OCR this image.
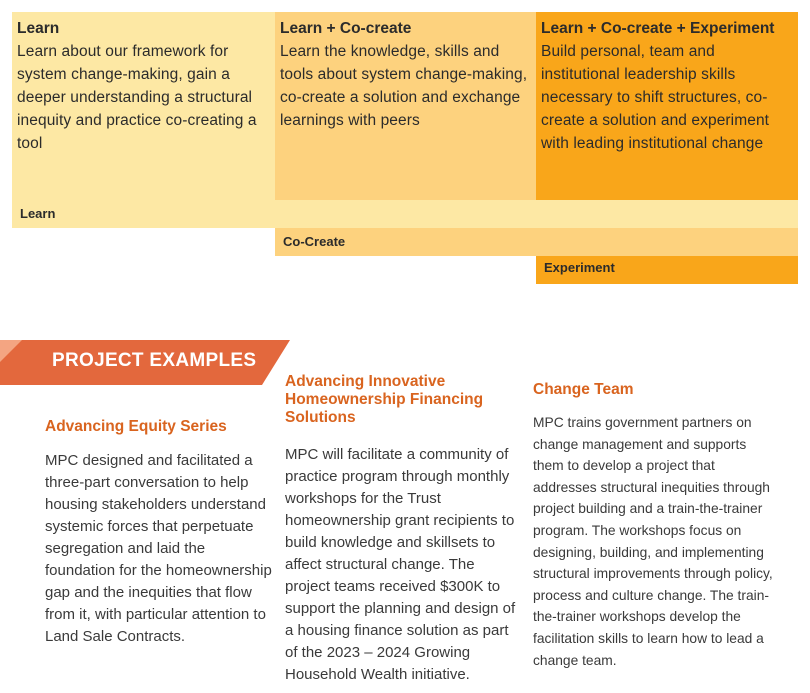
Learn
Learn about our framework for system change-making, gain a deeper understanding a structural inequity and practice co-creating a tool
Learn + Co-create
Learn the knowledge, skills and tools about system change-making, co-create a solution and exchange learnings with peers
Learn + Co-create + Experiment
Build personal, team and institutional leadership skills necessary to shift structures, co-create a solution and experiment with leading institutional change
Learn
Co-Create
Experiment
PROJECT EXAMPLES
Advancing Equity Series
MPC designed and facilitated a three-part conversation to help housing stakeholders understand systemic forces that perpetuate segregation and laid the foundation for the homeownership gap and the inequities that flow from it, with particular attention to Land Sale Contracts.
Advancing Innovative Homeownership Financing Solutions
MPC will facilitate a community of practice program through monthly workshops for the Trust homeownership grant recipients to build knowledge and skillsets to affect structural change. The project teams received $300K to support the planning and design of a housing finance solution as part of the 2023 – 2024 Growing Household Wealth initiative.
Change Team
MPC trains government partners on change management and supports them to develop a project that addresses structural inequities through project building and a train-the-trainer program. The workshops focus on designing, building, and implementing structural improvements through policy, process and culture change. The train-the-trainer workshops develop the facilitation skills to learn how to lead a change team.
